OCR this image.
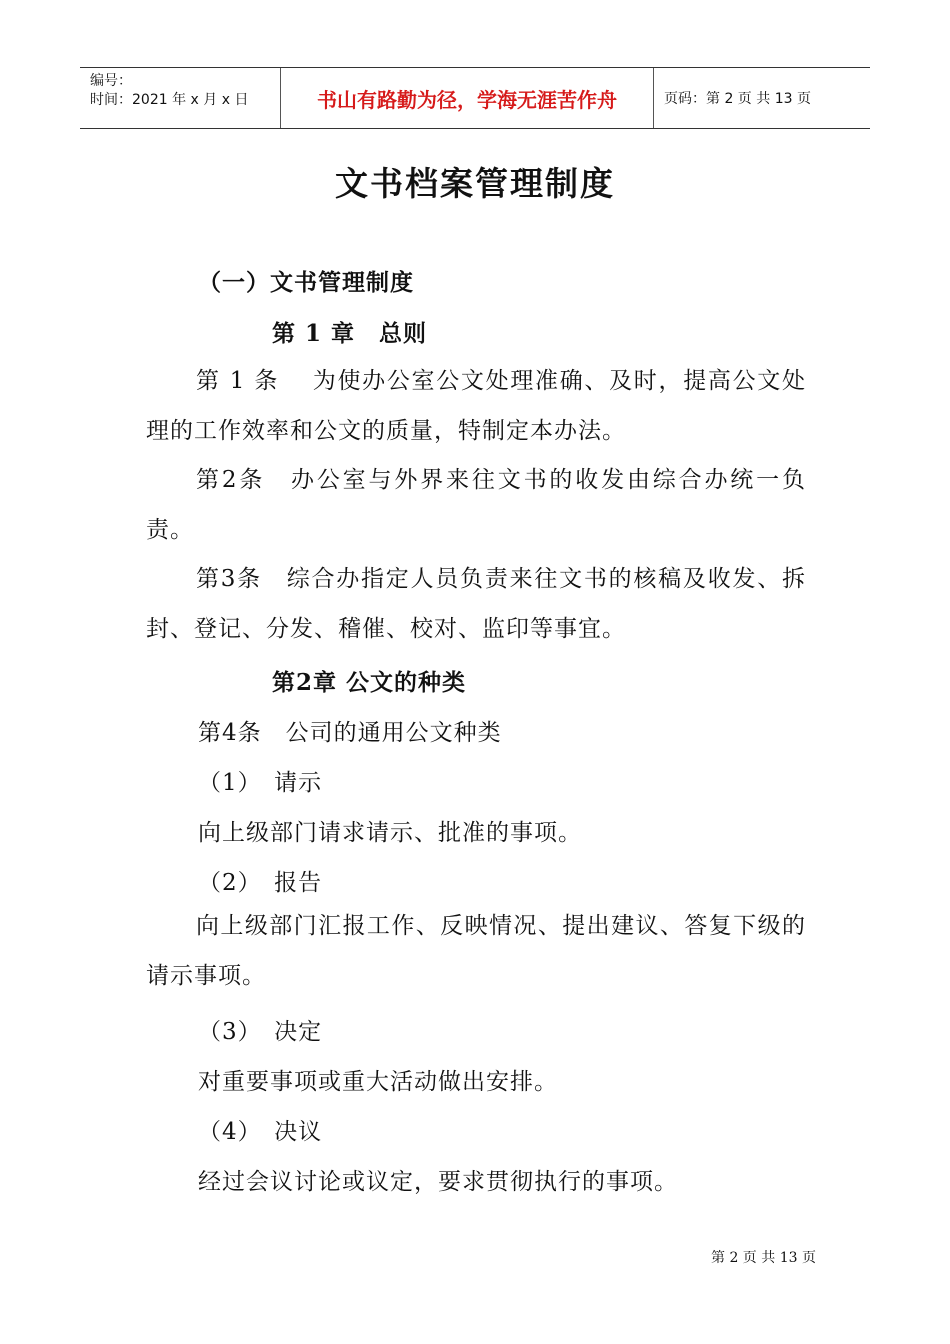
编号：
时间：2021 年 x 月 x 日	书山有路勤为径，学海无涯苦作舟	页码：第 2 页 共 13 页
文书档案管理制度
（一）文书管理制度
第 1 章　总则
第 1 条　 为使办公室公文处理准确、及时，提高公文处理的工作效率和公文的质量，特制定本办法。
第2条　办公室与外界来往文书的收发由综合办统一负责。
第3条　综合办指定人员负责来往文书的核稿及收发、拆封、登记、分发、稽催、校对、监印等事宜。
第2章 公文的种类
第4条　公司的通用公文种类
（1）　请示
向上级部门请求请示、批准的事项。
（2）　报告
向上级部门汇报工作、反映情况、提出建议、答复下级的请示事项。
（3）　决定
对重要事项或重大活动做出安排。
（4）　决议
经过会议讨论或议定，要求贯彻执行的事项。
第 2 页 共 13 页
